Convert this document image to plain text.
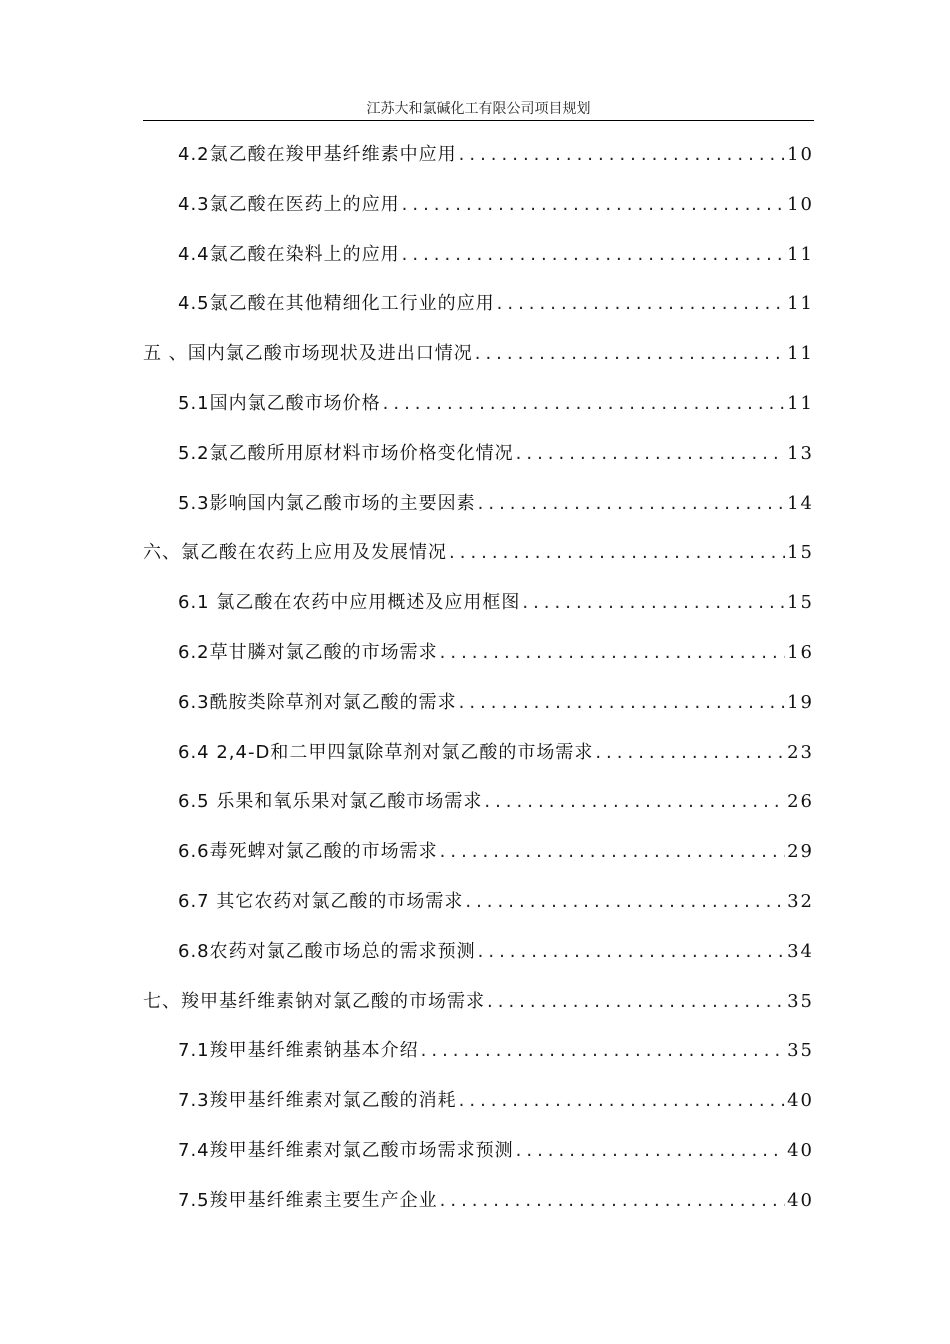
江苏大和氯碱化工有限公司项目规划
4.2氯乙酸在羧甲基纤维素中应用 .....	10
4.3氯乙酸在医药上的应用 .....	10
4.4氯乙酸在染料上的应用 .....	11
4.5氯乙酸在其他精细化工行业的应用 .....	11
五 、国内氯乙酸市场现状及进出口情况 .....	11
5.1国内氯乙酸市场价格 .....	11
5.2氯乙酸所用原材料市场价格变化情况 .....	13
5.3影响国内氯乙酸市场的主要因素 .....	14
六、氯乙酸在农药上应用及发展情况 .....	15
6.1 氯乙酸在农药中应用概述及应用框图 .....	15
6.2草甘膦对氯乙酸的市场需求 .....	16
6.3酰胺类除草剂对氯乙酸的需求 .....	19
6.4 2,4-D和二甲四氯除草剂对氯乙酸的市场需求 .....	23
6.5 乐果和氧乐果对氯乙酸市场需求 .....	26
6.6毒死蜱对氯乙酸的市场需求 .....	29
6.7 其它农药对氯乙酸的市场需求 .....	32
6.8农药对氯乙酸市场总的需求预测 .....	34
七、羧甲基纤维素钠对氯乙酸的市场需求 .....	35
7.1羧甲基纤维素钠基本介绍 .....	35
7.3羧甲基纤维素对氯乙酸的消耗 .....	40
7.4羧甲基纤维素对氯乙酸市场需求预测 .....	40
7.5羧甲基纤维素主要生产企业 .....	40
